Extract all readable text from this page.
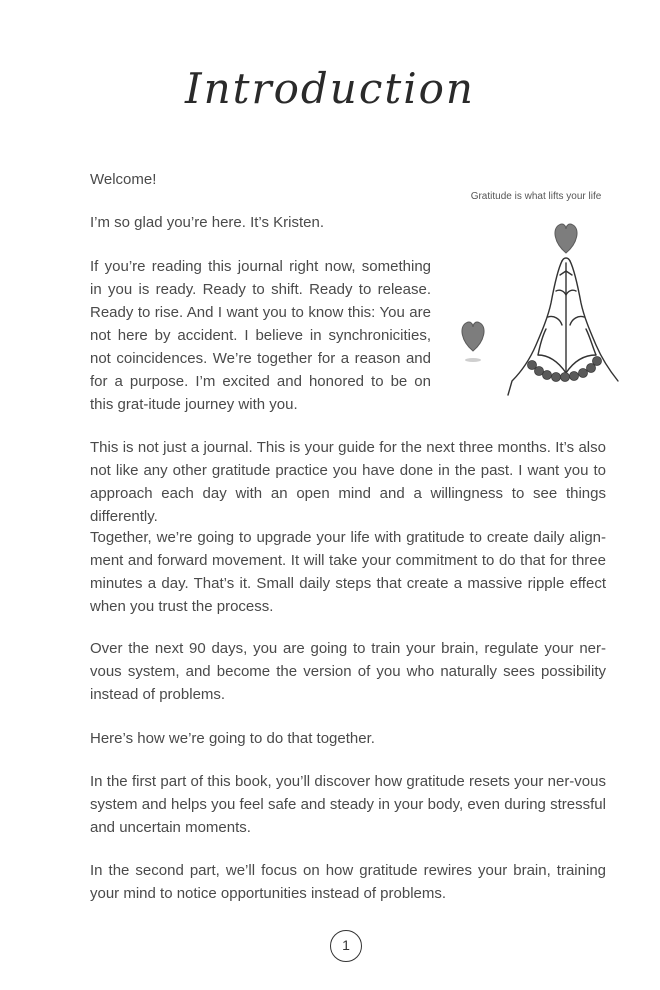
Introduction

Welcome!

I’m so glad you’re here. It’s Kristen.

If you’re reading this journal right now, something in you is ready. Ready to shift. Ready to release. Ready to rise. And I want you to know this: You are not here by accident. I believe in synchronicities, not coincidences. We’re together for a reason and for a purpose. I’m excited and honored to be on this grat-itude journey with you.

Gratitude is what lifts your life

This is not just a journal. This is your guide for the next three months. It’s also not like any other gratitude practice you have done in the past. I want you to approach each day with an open mind and a willingness to see things differently.

Together, we’re going to upgrade your life with gratitude to create daily align-ment and forward movement. It will take your commitment to do that for three minutes a day. That’s it. Small daily steps that create a massive ripple effect when you trust the process.

Over the next 90 days, you are going to train your brain, regulate your ner-vous system, and become the version of you who naturally sees possibility instead of problems.

Here’s how we’re going to do that together.

In the first part of this book, you’ll discover how gratitude resets your ner-vous system and helps you feel safe and steady in your body, even during stressful and uncertain moments.

In the second part, we’ll focus on how gratitude rewires your brain, training your mind to notice opportunities instead of problems.

1
